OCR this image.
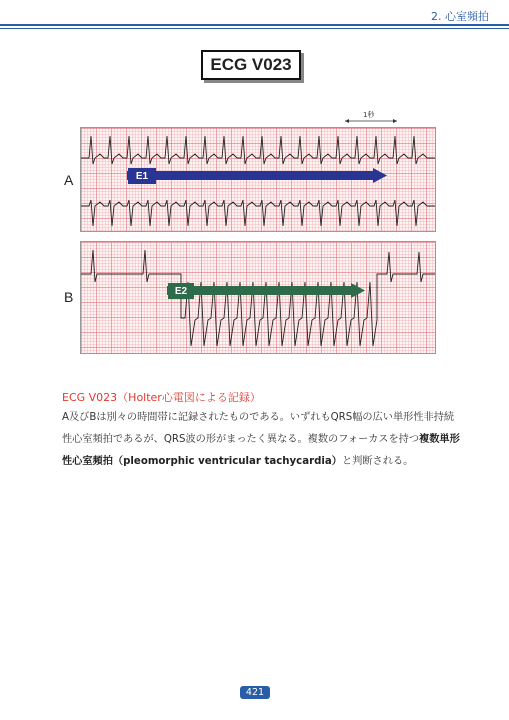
2. 心室頻拍
ECG V023
1秒
A	E1
B	E2
ECG V023（Holter心電図による記録）
A及びBは別々の時間帯に記録されたものである。いずれもQRS幅の広い単形性非持続性心室頻拍であるが、QRS波の形がまったく異なる。複数のフォーカスを持つ複数単形性心室頻拍（pleomorphic ventricular tachycardia）と判断される。
421
